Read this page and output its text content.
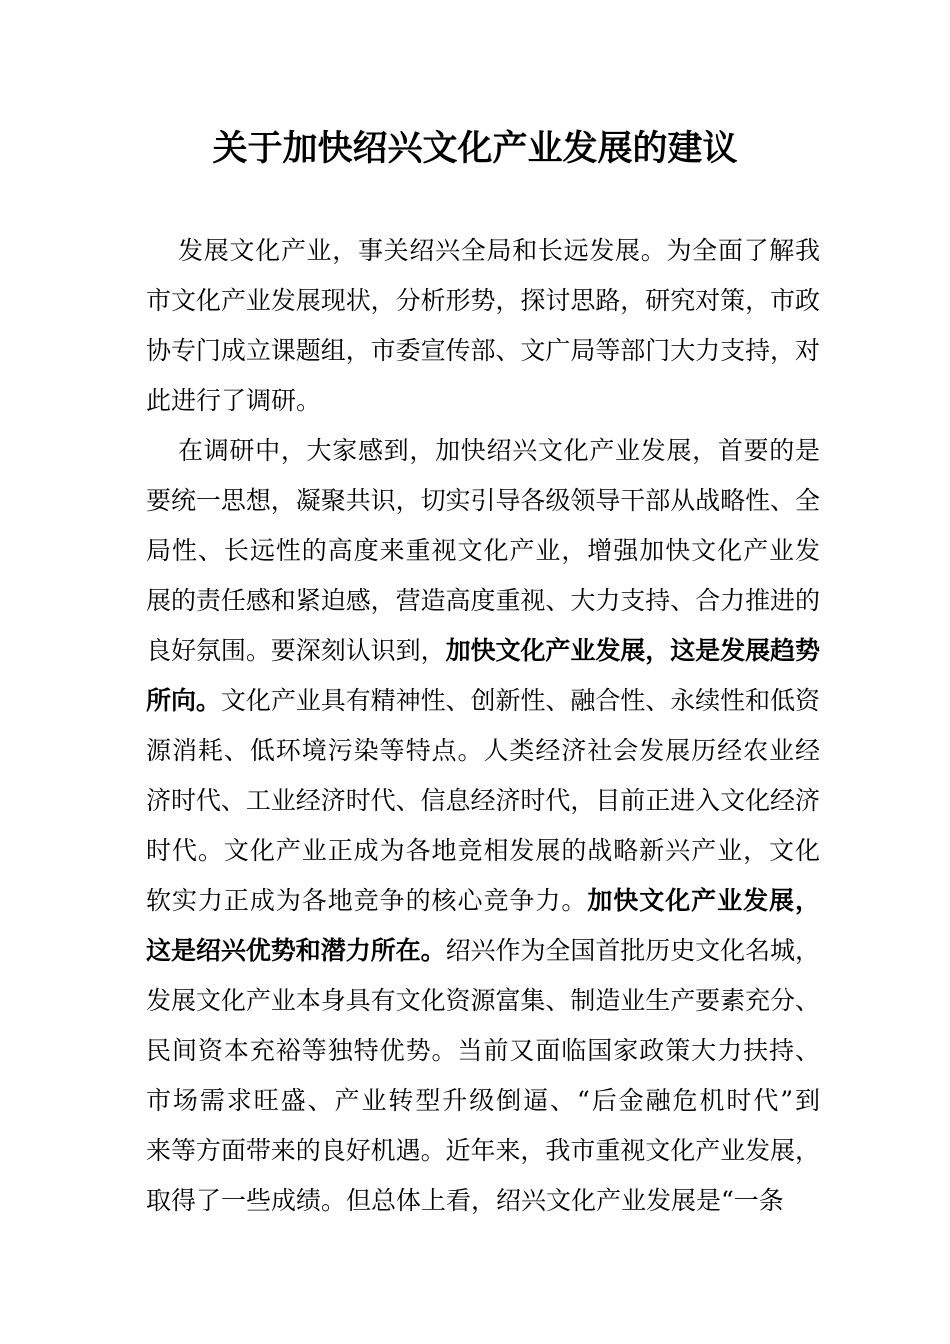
关于加快绍兴文化产业发展的建议
发展文化产业，事关绍兴全局和长远发展。为全面了解我
市文化产业发展现状，分析形势，探讨思路，研究对策，市政
协专门成立课题组，市委宣传部、文广局等部门大力支持，对
此进行了调研。
在调研中，大家感到，加快绍兴文化产业发展，首要的是
要统一思想，凝聚共识，切实引导各级领导干部从战略性、全
局性、长远性的高度来重视文化产业，增强加快文化产业发
展的责任感和紧迫感，营造高度重视、大力支持、合力推进的
良好氛围。要深刻认识到，加快文化产业发展，这是发展趋势
所向。文化产业具有精神性、创新性、融合性、永续性和低资
源消耗、低环境污染等特点。人类经济社会发展历经农业经
济时代、工业经济时代、信息经济时代，目前正进入文化经济
时代。文化产业正成为各地竞相发展的战略新兴产业，文化
软实力正成为各地竞争的核心竞争力。加快文化产业发展，
这是绍兴优势和潜力所在。绍兴作为全国首批历史文化名城，
发展文化产业本身具有文化资源富集、制造业生产要素充分、
民间资本充裕等独特优势。当前又面临国家政策大力扶持、
市场需求旺盛、产业转型升级倒逼、“后金融危机时代”到
来等方面带来的良好机遇。近年来，我市重视文化产业发展，
取得了一些成绩。但总体上看，绍兴文化产业发展是“一条
